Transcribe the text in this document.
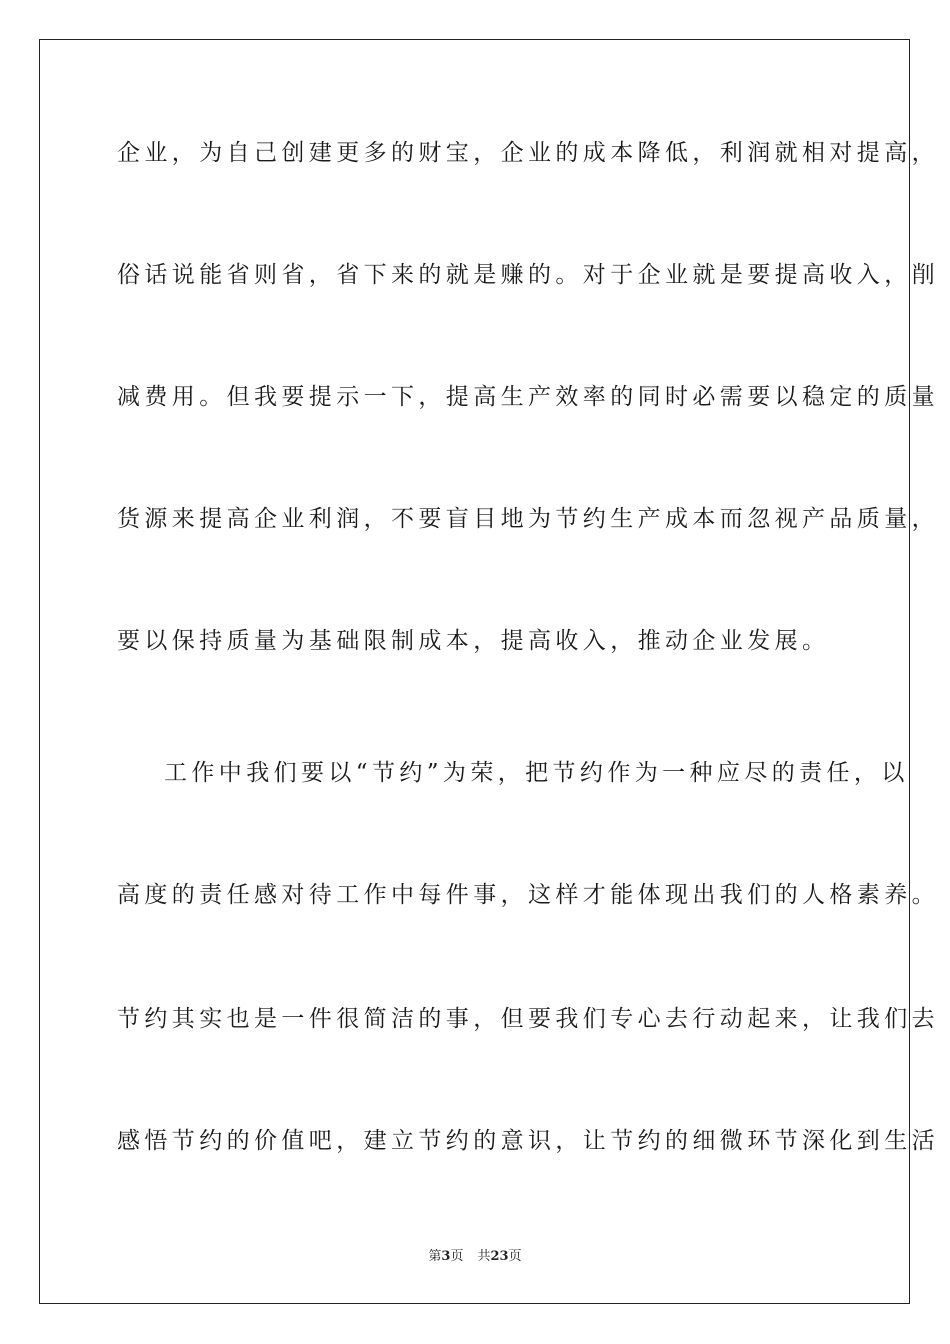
企业，为自己创建更多的财宝，企业的成本降低，利润就相对提高，
俗话说能省则省，省下来的就是赚的。对于企业就是要提高收入，削
减费用。但我要提示一下，提高生产效率的同时必需要以稳定的质量
货源来提高企业利润，不要盲目地为节约生产成本而忽视产品质量，
要以保持质量为基础限制成本，提高收入，推动企业发展。
工作中我们要以“节约”为荣，把节约作为一种应尽的责任，以
高度的责任感对待工作中每件事，这样才能体现出我们的人格素养。
节约其实也是一件很简洁的事，但要我们专心去行动起来，让我们去
感悟节约的价值吧，建立节约的意识，让节约的细微环节深化到生活
第3页 共23页
